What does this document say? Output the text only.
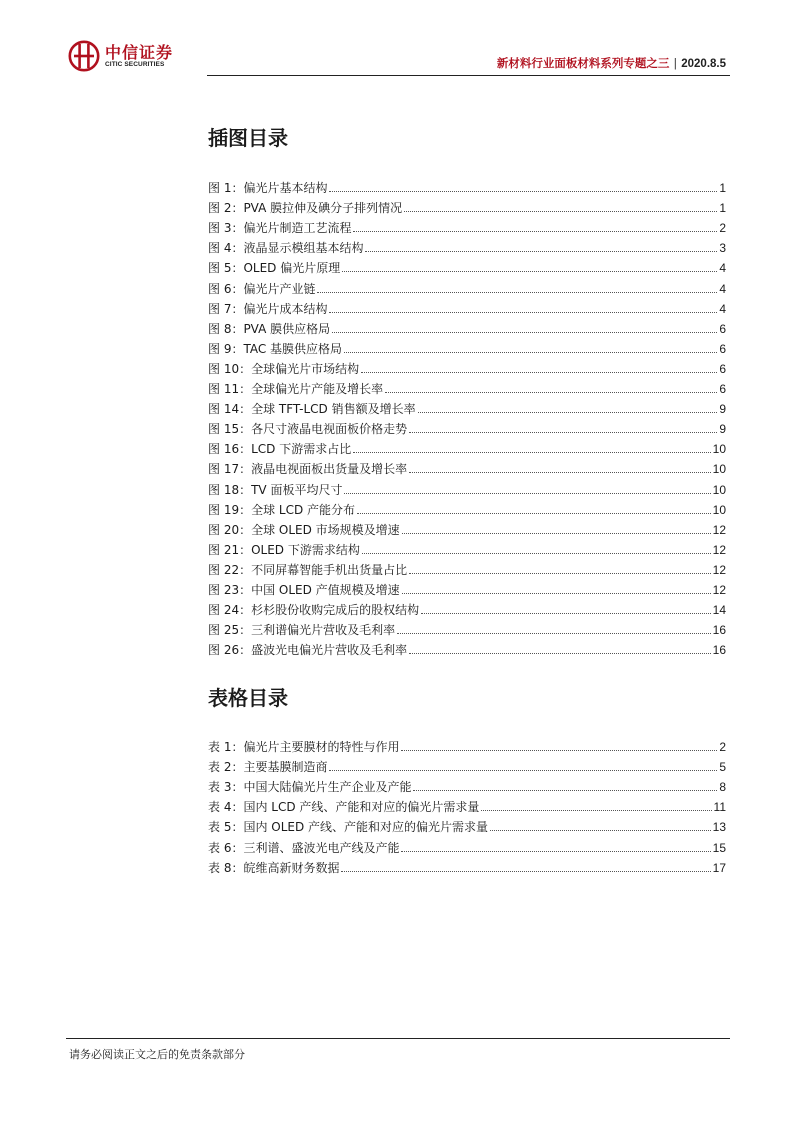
中信证券
CITIC SECURITIES	新材料行业面板材料系列专题之三 | 2020.8.5
插图目录
图 1：偏光片基本结构	1
图 2：PVA 膜拉伸及碘分子排列情况	1
图 3：偏光片制造工艺流程	2
图 4：液晶显示模组基本结构	3
图 5：OLED 偏光片原理	4
图 6：偏光片产业链	4
图 7：偏光片成本结构	4
图 8：PVA 膜供应格局	6
图 9：TAC 基膜供应格局	6
图 10：全球偏光片市场结构	6
图 11：全球偏光片产能及增长率	6
图 14：全球 TFT-LCD 销售额及增长率	9
图 15：各尺寸液晶电视面板价格走势	9
图 16：LCD 下游需求占比	10
图 17：液晶电视面板出货量及增长率	10
图 18：TV 面板平均尺寸	10
图 19：全球 LCD 产能分布	10
图 20：全球 OLED 市场规模及增速	12
图 21：OLED 下游需求结构	12
图 22：不同屏幕智能手机出货量占比	12
图 23：中国 OLED 产值规模及增速	12
图 24：杉杉股份收购完成后的股权结构	14
图 25：三利谱偏光片营收及毛利率	16
图 26：盛波光电偏光片营收及毛利率	16
表格目录
表 1：偏光片主要膜材的特性与作用	2
表 2：主要基膜制造商	5
表 3：中国大陆偏光片生产企业及产能	8
表 4：国内 LCD 产线、产能和对应的偏光片需求量	11
表 5：国内 OLED 产线、产能和对应的偏光片需求量	13
表 6：三利谱、盛波光电产线及产能	15
表 8：皖维高新财务数据	17
请务必阅读正文之后的免责条款部分
